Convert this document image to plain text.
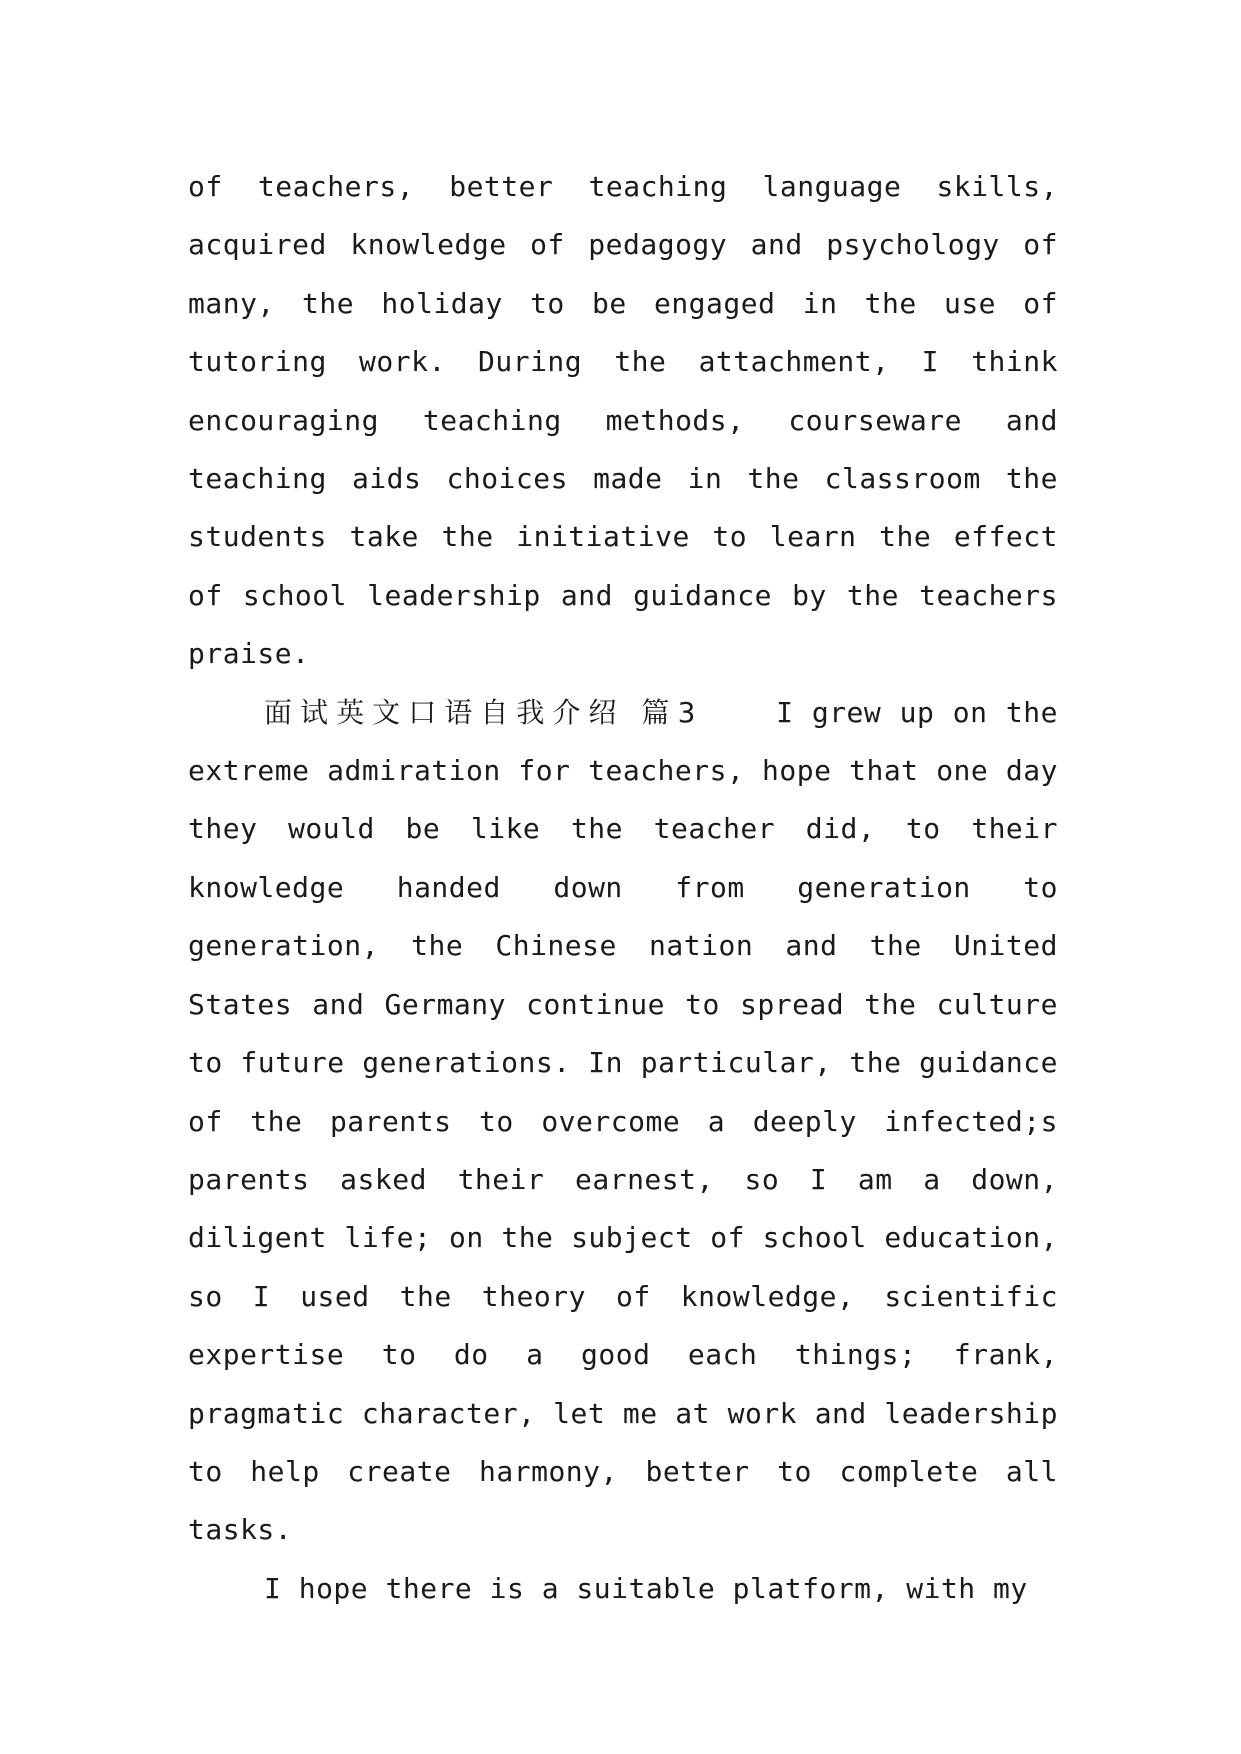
of teachers, better teaching language skills, acquired knowledge of pedagogy and psychology of many, the holiday to be engaged in the use of tutoring work. During the attachment, I think encouraging teaching methods, courseware and teaching aids choices made in the classroom the students take the initiative to learn the effect of school leadership and guidance by the teachers praise.

面试英文口语自我介绍 篇3	I grew up on the extreme admiration for teachers, hope that one day they would be like the teacher did, to their knowledge handed down from generation to generation, the Chinese nation and the United States and Germany continue to spread the culture to future generations. In particular, the guidance of the parents to overcome a deeply infected;s parents asked their earnest, so I am a down, diligent life; on the subject of school education, so I used the theory of knowledge, scientific expertise to do a good each things; frank, pragmatic character, let me at work and leadership to help create harmony, better to complete all tasks.

I hope there is a suitable platform, with my
